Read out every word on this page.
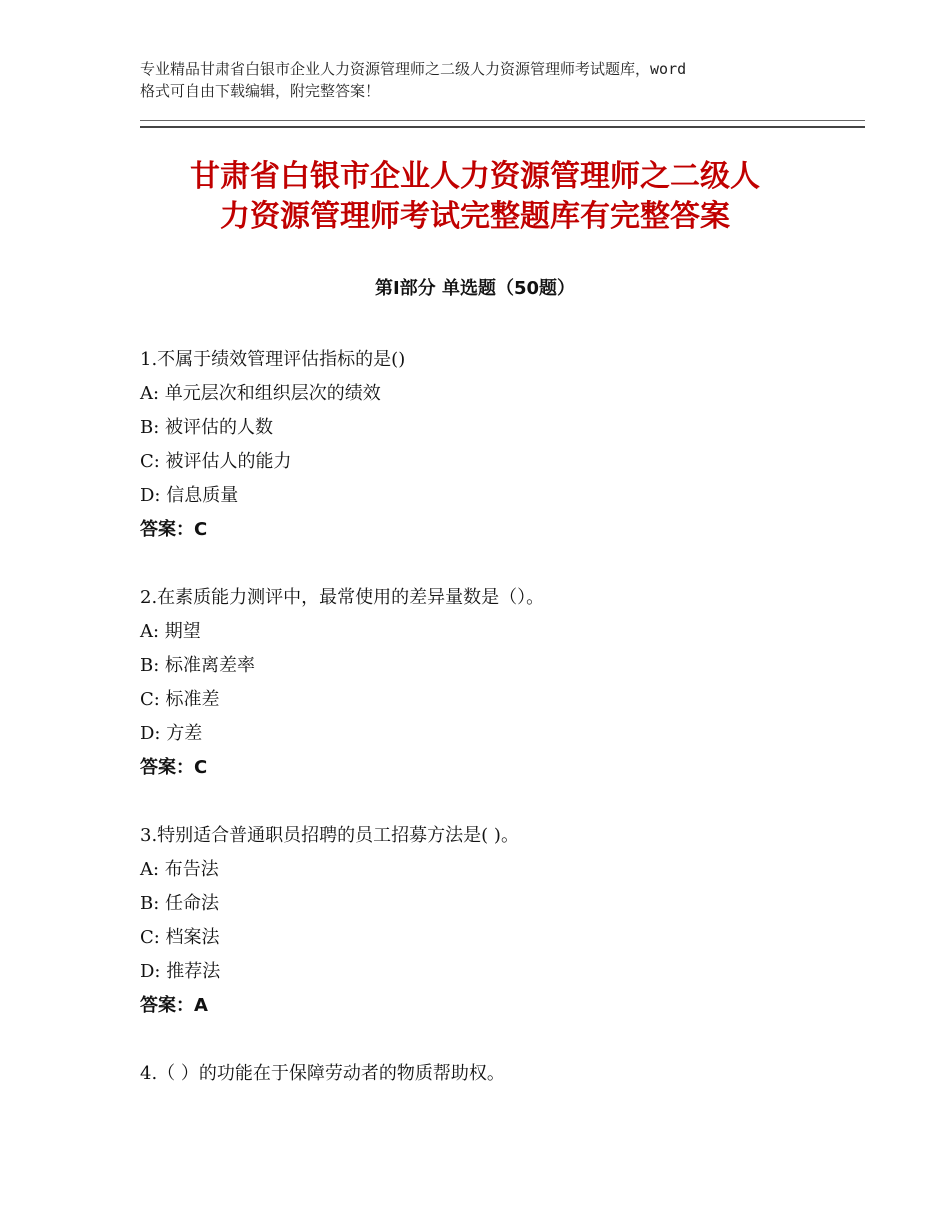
专业精品甘肃省白银市企业人力资源管理师之二级人力资源管理师考试题库，word
格式可自由下载编辑，附完整答案！
甘肃省白银市企业人力资源管理师之二级人
力资源管理师考试完整题库有完整答案
第Ⅰ部分 单选题（50题）
1.不属于绩效管理评估指标的是()
A: 单元层次和组织层次的绩效
B: 被评估的人数
C: 被评估人的能力
D: 信息质量
答案：C
2.在素质能力测评中，最常使用的差异量数是（）。
A: 期望
B: 标准离差率
C: 标准差
D: 方差
答案：C
3.特别适合普通职员招聘的员工招募方法是( )。
A: 布告法
B: 任命法
C: 档案法
D: 推荐法
答案：A
4.（ ）的功能在于保障劳动者的物质帮助权。
